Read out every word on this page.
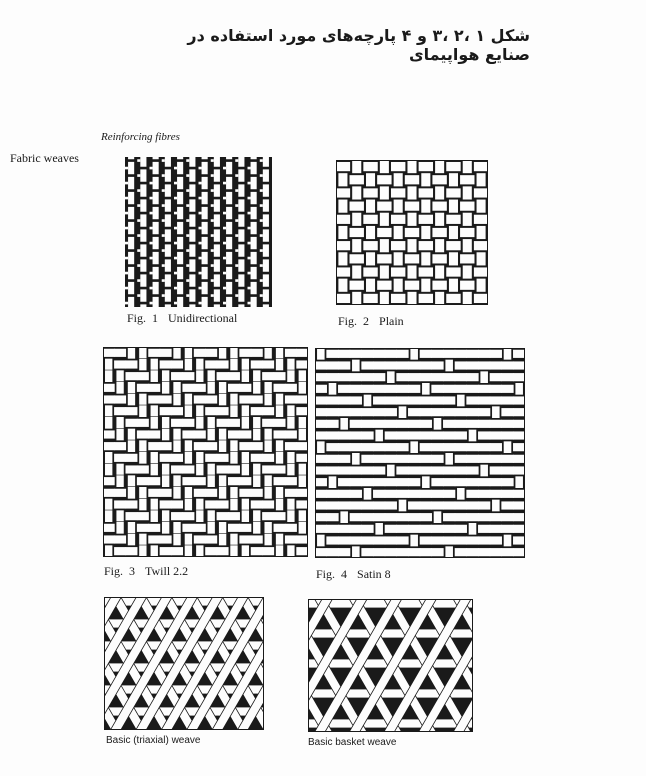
شکل ۱ ،۲ ،۳ و ۴ پارچه‌های مورد استفاده در صنایع هواپیمای
Reinforcing fibres
Fabric weaves
Fig. 1 Unidirectional	Fig. 2 Plain
Fig. 3 Twill 2.2	Fig. 4 Satin 8
Basic (triaxial) weave	Basic basket weave
